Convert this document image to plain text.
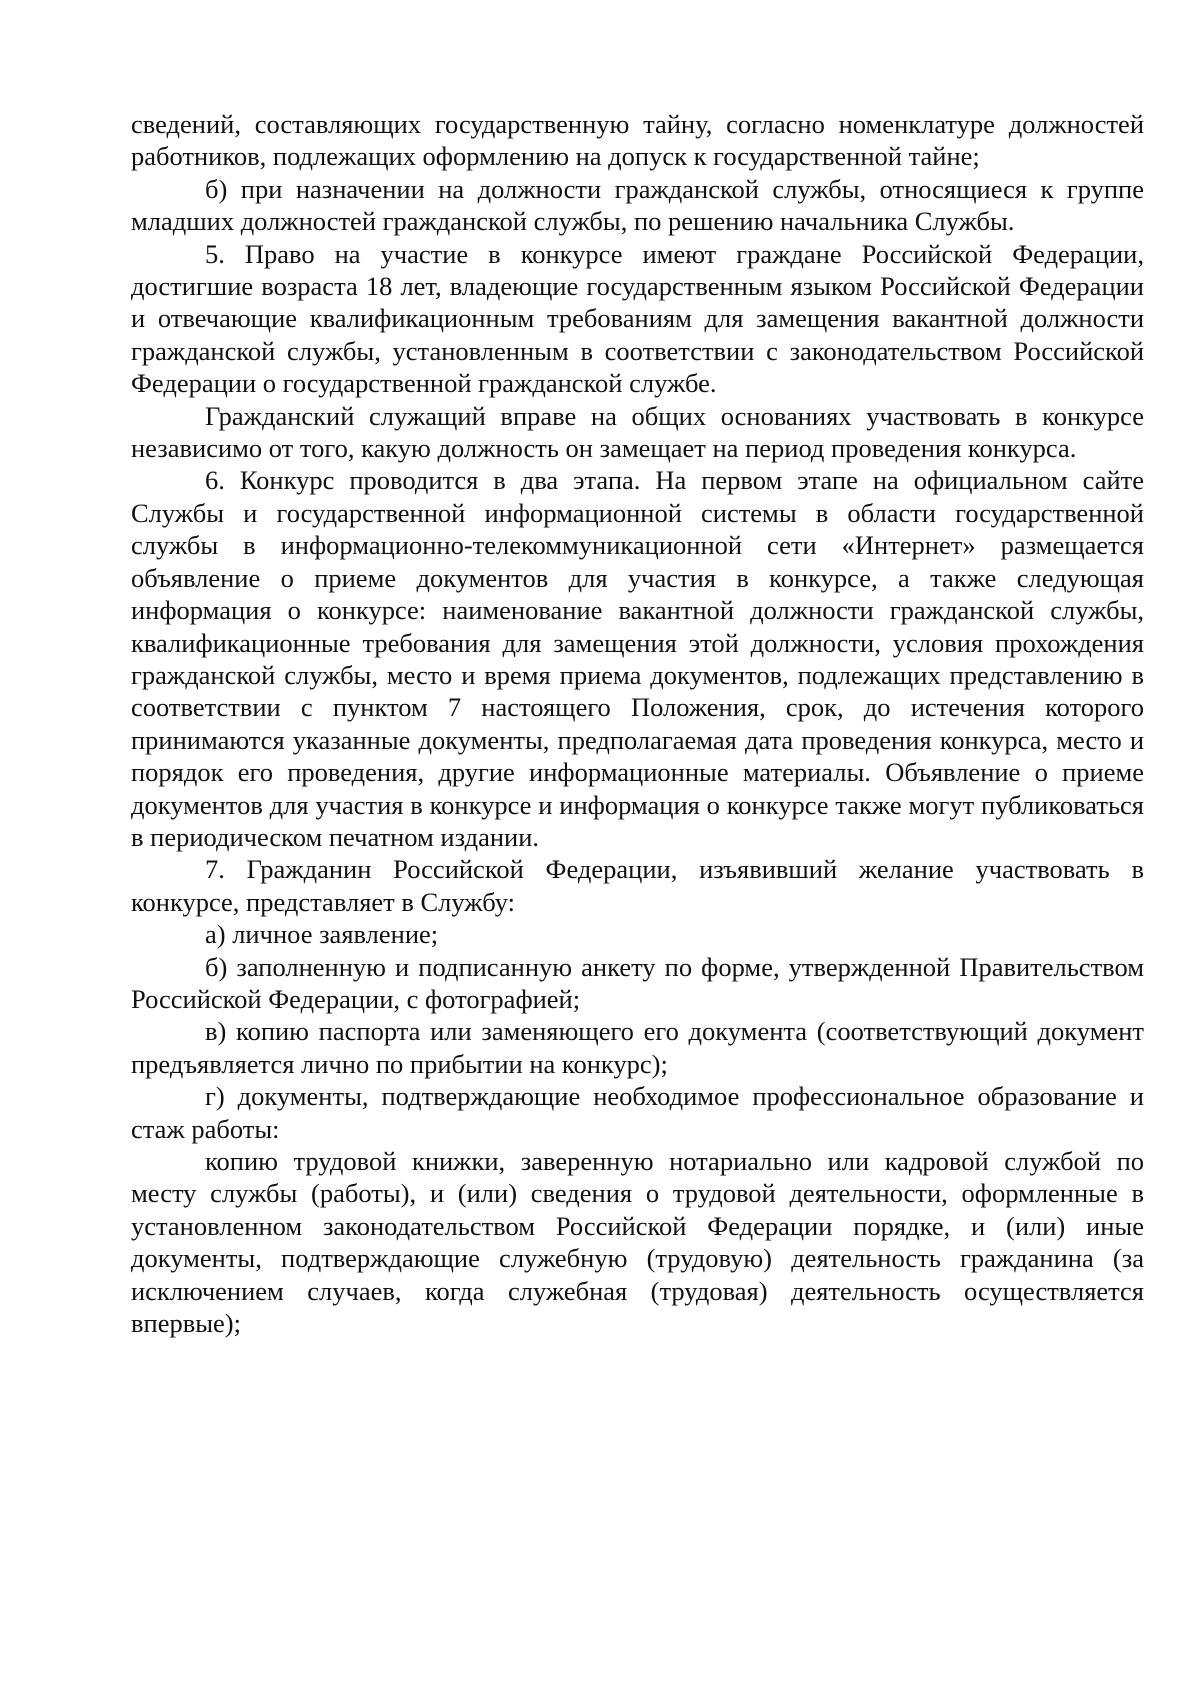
сведений, составляющих государственную тайну, согласно номенклатуре должностей работников, подлежащих оформлению на допуск к государственной тайне;

б) при назначении на должности гражданской службы, относящиеся к группе младших должностей гражданской службы, по решению начальника Службы.

5. Право на участие в конкурсе имеют граждане Российской Федерации, достигшие возраста 18 лет, владеющие государственным языком Российской Федерации и отвечающие квалификационным требованиям для замещения вакантной должности гражданской службы, установленным в соответствии с законодательством Российской Федерации о государственной гражданской службе.

Гражданский служащий вправе на общих основаниях участвовать в конкурсе независимо от того, какую должность он замещает на период проведения конкурса.

6. Конкурс проводится в два этапа. На первом этапе на официальном сайте Службы и государственной информационной системы в области государственной службы в информационно-телекоммуникационной сети «Интернет» размещается объявление о приеме документов для участия в конкурсе, а также следующая информация о конкурсе: наименование вакантной должности гражданской службы, квалификационные требования для замещения этой должности, условия прохождения гражданской службы, место и время приема документов, подлежащих представлению в соответствии с пунктом 7 настоящего Положения, срок, до истечения которого принимаются указанные документы, предполагаемая дата проведения конкурса, место и порядок его проведения, другие информационные материалы. Объявление о приеме документов для участия в конкурсе и информация о конкурсе также могут публиковаться в периодическом печатном издании.

7. Гражданин Российской Федерации, изъявивший желание участвовать в конкурсе, представляет в Службу:

а) личное заявление;

б) заполненную и подписанную анкету по форме, утвержденной Правительством Российской Федерации, с фотографией;

в) копию паспорта или заменяющего его документа (соответствующий документ предъявляется лично по прибытии на конкурс);

г) документы, подтверждающие необходимое профессиональное образование и стаж работы:

копию трудовой книжки, заверенную нотариально или кадровой службой по месту службы (работы), и (или) сведения о трудовой деятельности, оформленные в установленном законодательством Российской Федерации порядке, и (или) иные документы, подтверждающие служебную (трудовую) деятельность гражданина (за исключением случаев, когда служебная (трудовая) деятельность осуществляется впервые);
